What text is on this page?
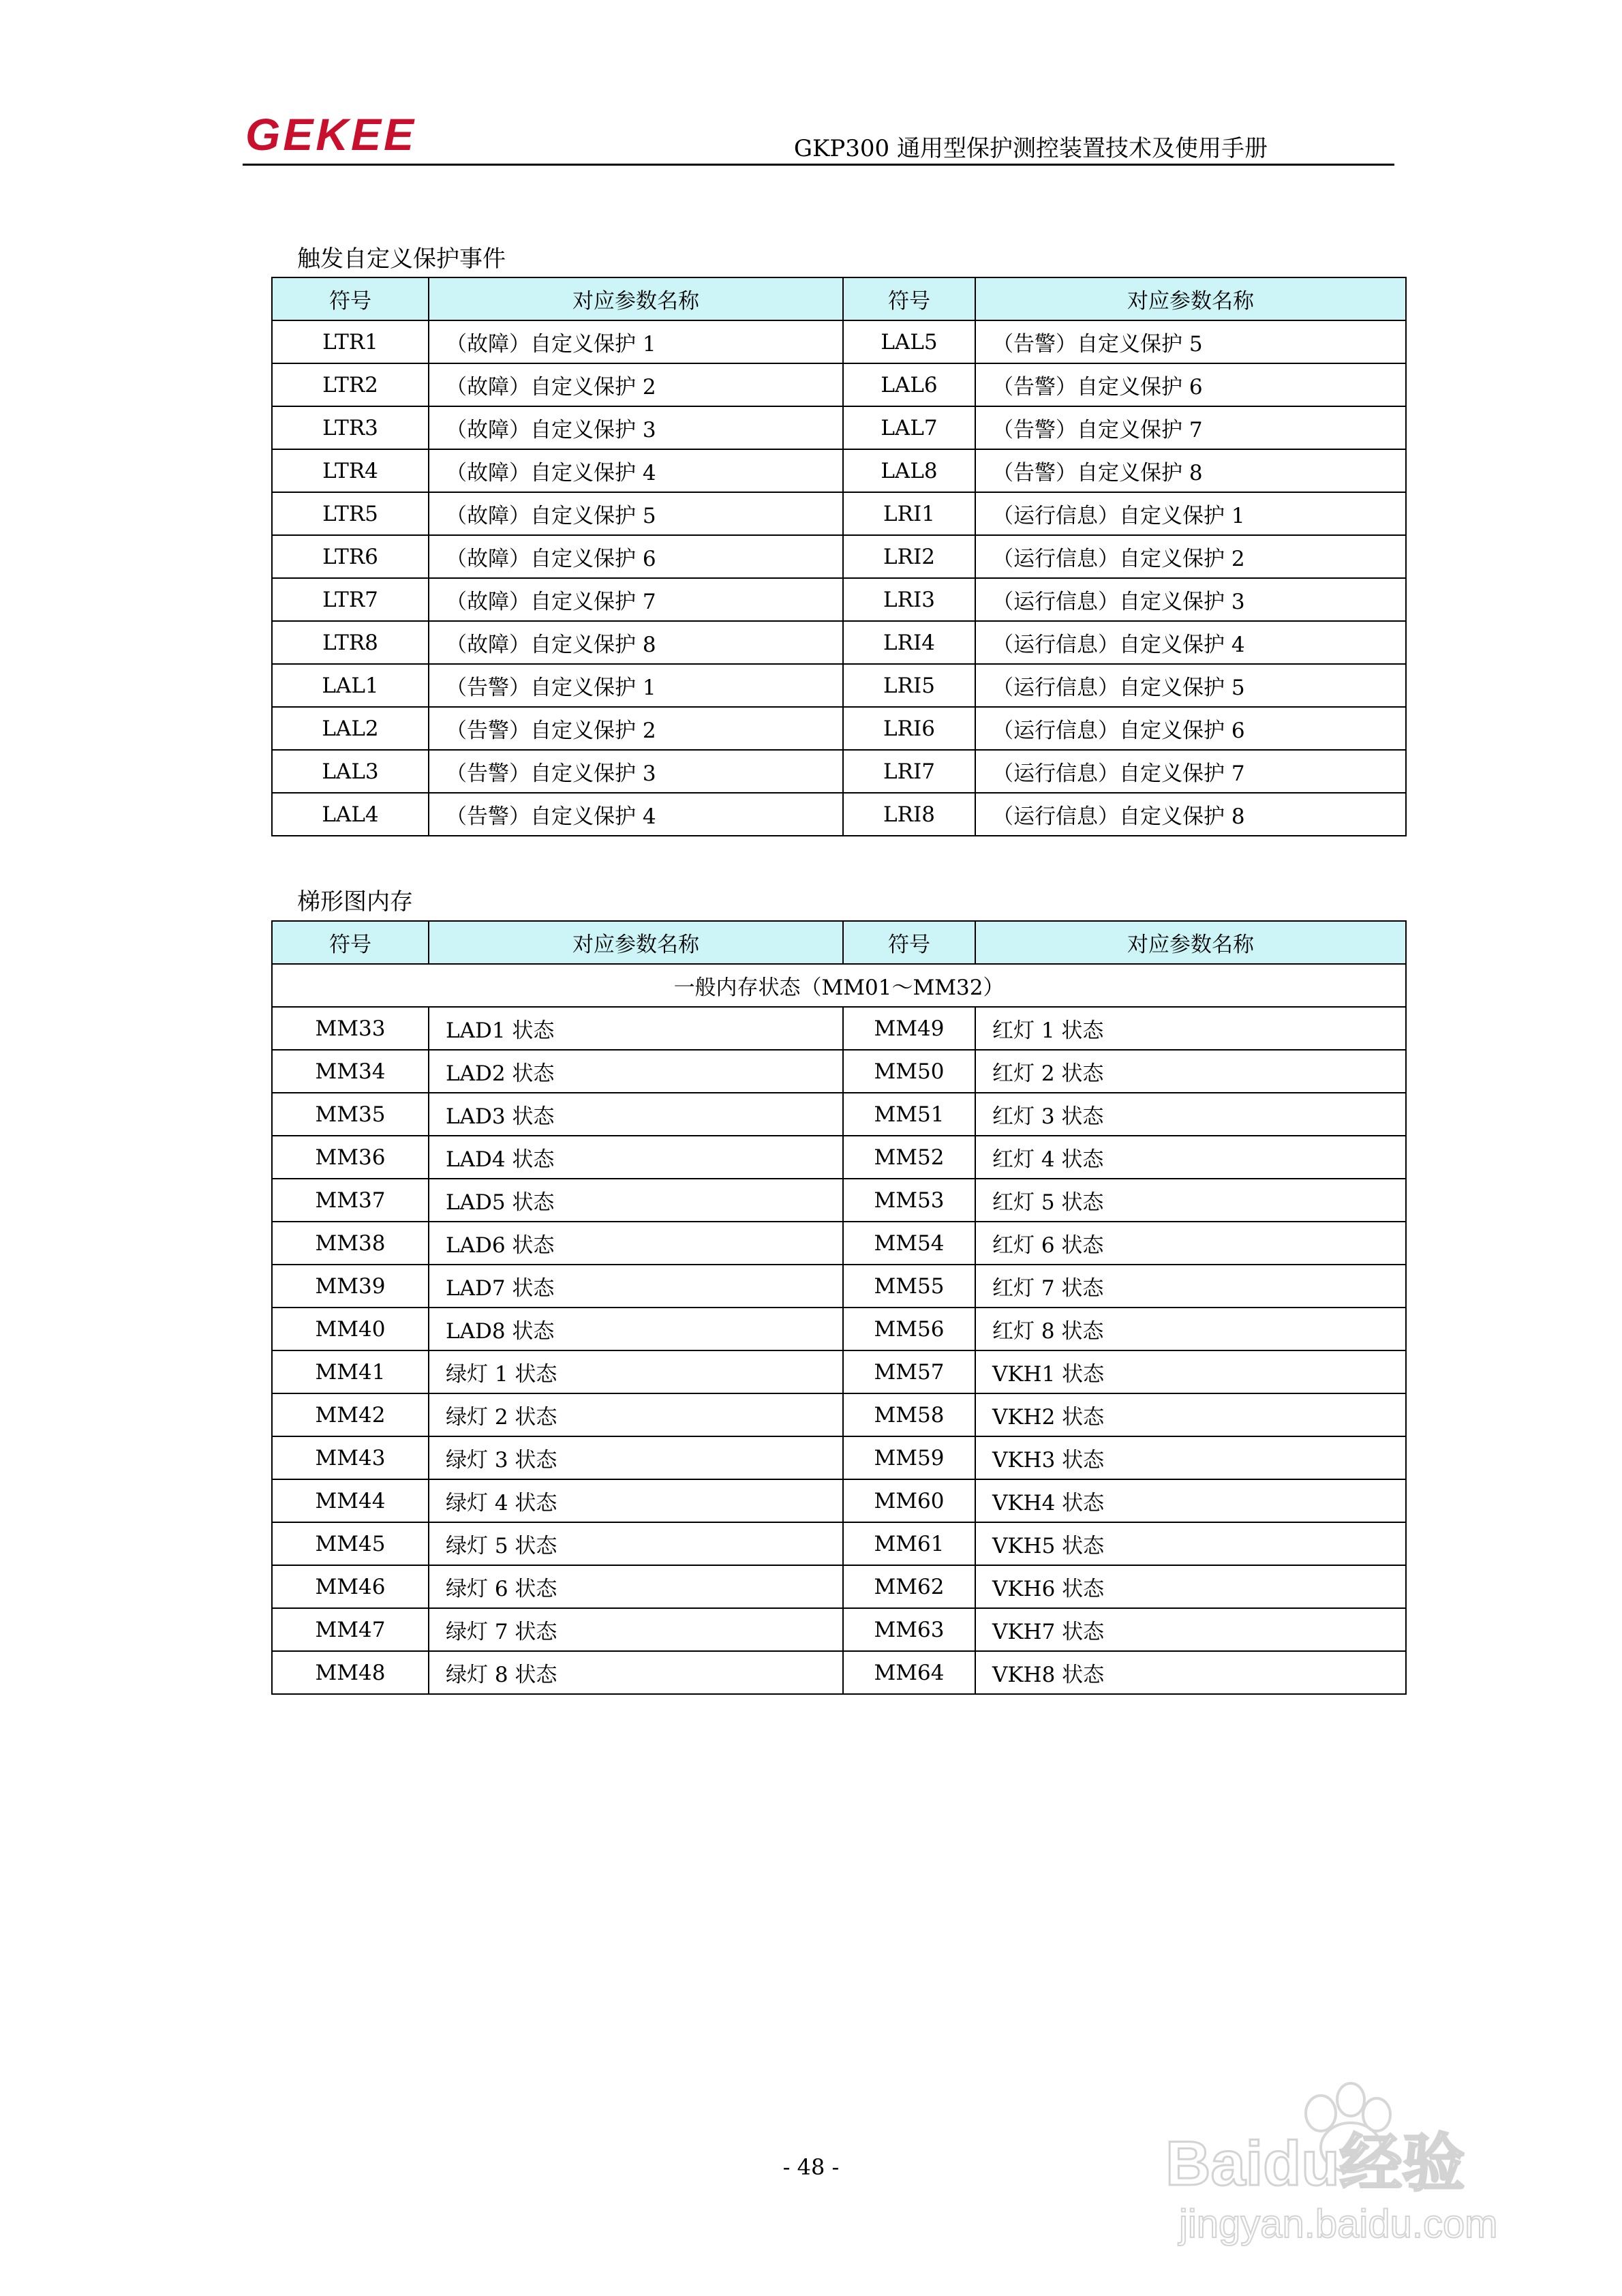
GEKEE	GKP300 通用型保护测控装置技术及使用手册
触发自定义保护事件
符号	对应参数名称	符号	对应参数名称
LTR1	（故障）自定义保护 1	LAL5	（告警）自定义保护 5
LTR2	（故障）自定义保护 2	LAL6	（告警）自定义保护 6
LTR3	（故障）自定义保护 3	LAL7	（告警）自定义保护 7
LTR4	（故障）自定义保护 4	LAL8	（告警）自定义保护 8
LTR5	（故障）自定义保护 5	LRI1	（运行信息）自定义保护 1
LTR6	（故障）自定义保护 6	LRI2	（运行信息）自定义保护 2
LTR7	（故障）自定义保护 7	LRI3	（运行信息）自定义保护 3
LTR8	（故障）自定义保护 8	LRI4	（运行信息）自定义保护 4
LAL1	（告警）自定义保护 1	LRI5	（运行信息）自定义保护 5
LAL2	（告警）自定义保护 2	LRI6	（运行信息）自定义保护 6
LAL3	（告警）自定义保护 3	LRI7	（运行信息）自定义保护 7
LAL4	（告警）自定义保护 4	LRI8	（运行信息）自定义保护 8
梯形图内存
符号	对应参数名称	符号	对应参数名称
一般内存状态（MM01～MM32）			
MM33	LAD1 状态	MM49	红灯 1 状态
MM34	LAD2 状态	MM50	红灯 2 状态
MM35	LAD3 状态	MM51	红灯 3 状态
MM36	LAD4 状态	MM52	红灯 4 状态
MM37	LAD5 状态	MM53	红灯 5 状态
MM38	LAD6 状态	MM54	红灯 6 状态
MM39	LAD7 状态	MM55	红灯 7 状态
MM40	LAD8 状态	MM56	红灯 8 状态
MM41	绿灯 1 状态	MM57	VKH1 状态
MM42	绿灯 2 状态	MM58	VKH2 状态
MM43	绿灯 3 状态	MM59	VKH3 状态
MM44	绿灯 4 状态	MM60	VKH4 状态
MM45	绿灯 5 状态	MM61	VKH5 状态
MM46	绿灯 6 状态	MM62	VKH6 状态
MM47	绿灯 7 状态	MM63	VKH7 状态
MM48	绿灯 8 状态	MM64	VKH8 状态
- 48 -	Baidu经验
jingyan.baidu.com
